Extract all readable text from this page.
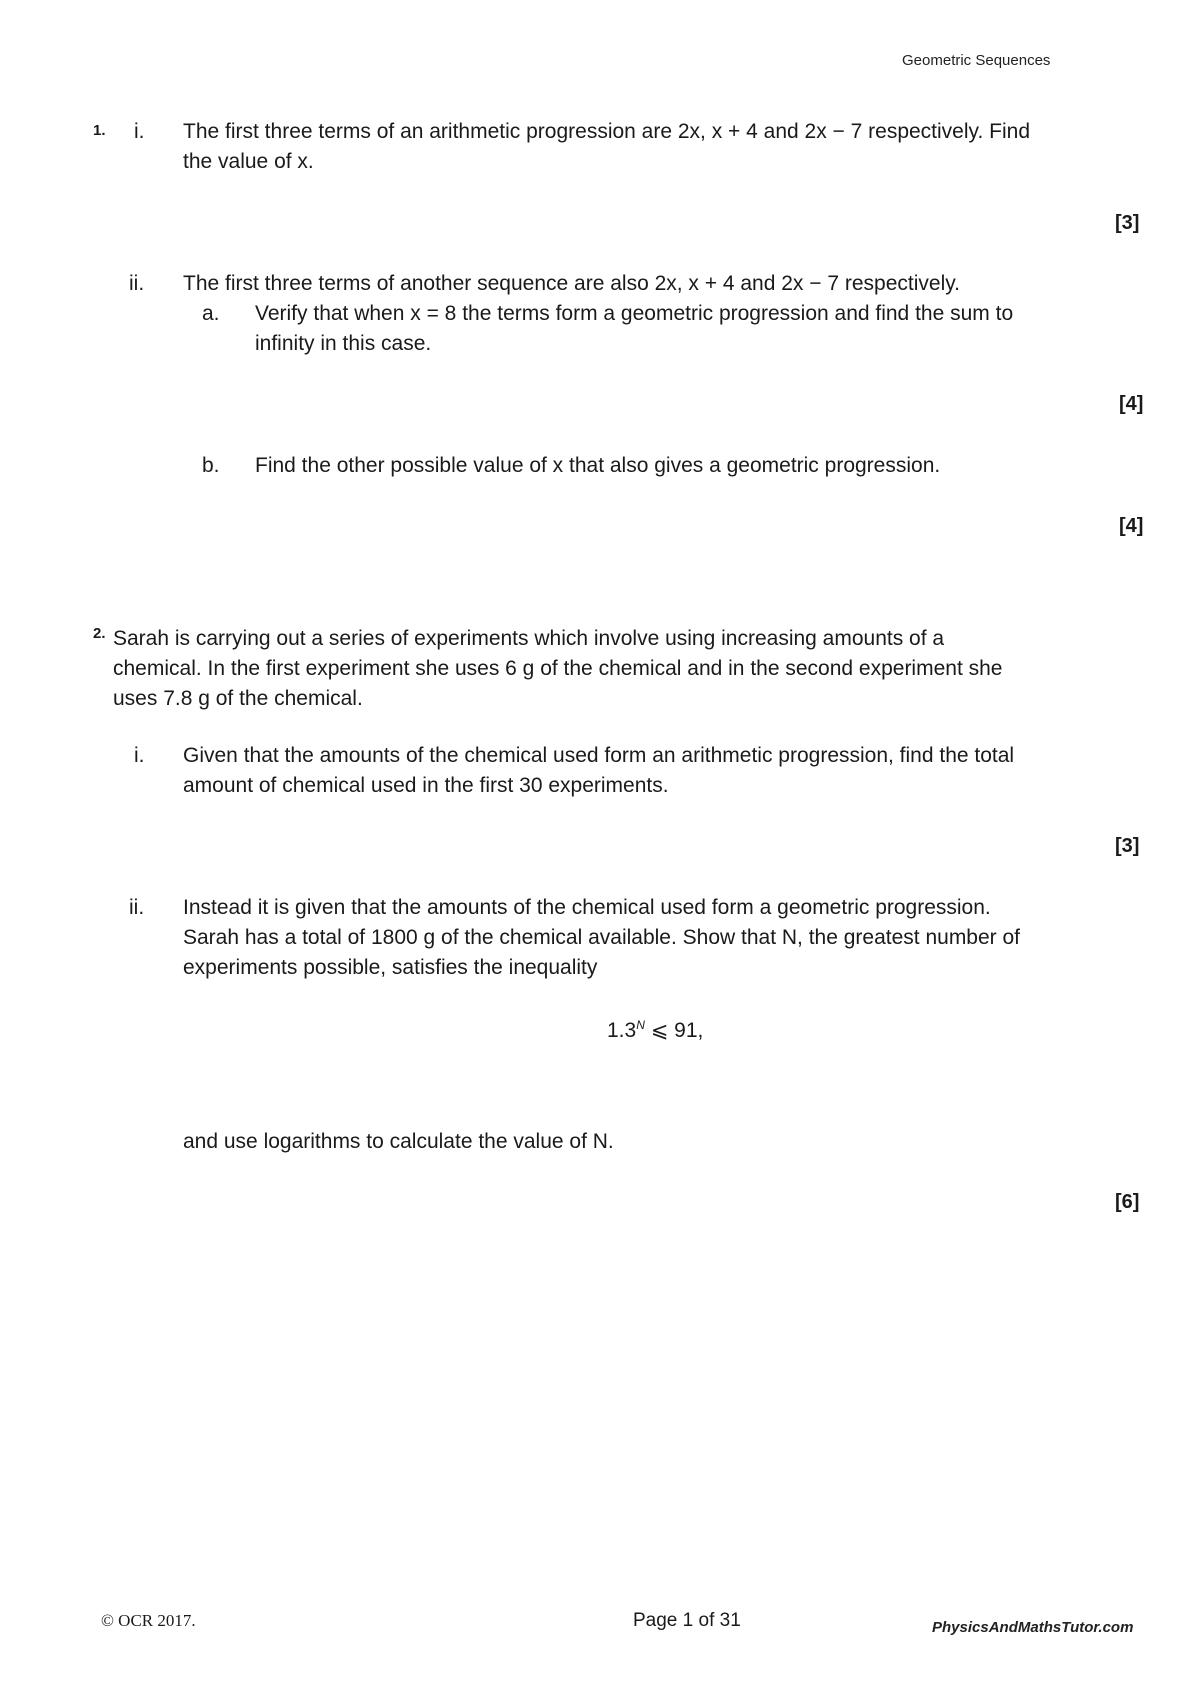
Geometric Sequences
1. i. The first three terms of an arithmetic progression are 2x, x + 4 and 2x − 7 respectively. Find
the value of x.
[3]
ii. The first three terms of another sequence are also 2x, x + 4 and 2x − 7 respectively.
a. Verify that when x = 8 the terms form a geometric progression and find the sum to
infinity in this case.
[4]
b. Find the other possible value of x that also gives a geometric progression.
[4]
2. Sarah is carrying out a series of experiments which involve using increasing amounts of a
chemical. In the first experiment she uses 6 g of the chemical and in the second experiment she
uses 7.8 g of the chemical.
i. Given that the amounts of the chemical used form an arithmetic progression, find the total
amount of chemical used in the first 30 experiments.
[3]
ii. Instead it is given that the amounts of the chemical used form a geometric progression.
Sarah has a total of 1800 g of the chemical available. Show that N, the greatest number of
experiments possible, satisfies the inequality
$1.3^N$ ⩽ 91,
and use logarithms to calculate the value of N.
[6]
© OCR 2017.	Page 1 of 31	PhysicsAndMathsTutor.com
